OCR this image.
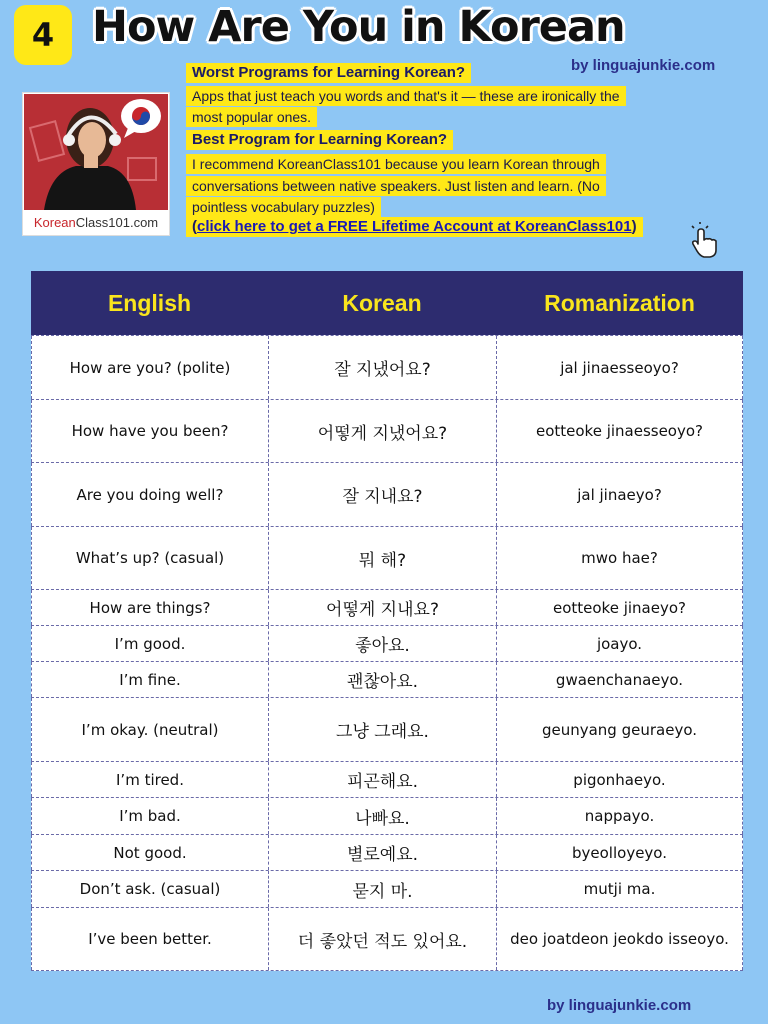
4 How Are You in Korean
by linguajunkie.com
KoreanClass101.com
Worst Programs for Learning Korean?
Apps that just teach you words and that's it — these are ironically the
most popular ones.
Best Program for Learning Korean?
I recommend KoreanClass101 because you learn Korean through
conversations between native speakers. Just listen and learn. (No
pointless vocabulary puzzles)
(click here to get a FREE Lifetime Account at KoreanClass101)
English	Korean	Romanization
How are you? (polite)	잘 지냈어요?	jal jinaesseoyo?
How have you been?	어떻게 지냈어요?	eotteoke jinaesseoyo?
Are you doing well?	잘 지내요?	jal jinaeyo?
What’s up? (casual)	뭐 해?	mwo hae?
How are things?	어떻게 지내요?	eotteoke jinaeyo?
I’m good.	좋아요.	joayo.
I’m fine.	괜찮아요.	gwaenchanaeyo.
I’m okay. (neutral)	그냥 그래요.	geunyang geuraeyo.
I’m tired.	피곤해요.	pigonhaeyo.
I’m bad.	나빠요.	nappayo.
Not good.	별로예요.	byeolloyeyo.
Don’t ask. (casual)	묻지 마.	mutji ma.
I’ve been better.	더 좋았던 적도 있어요.	deo joatdeon jeokdo isseoyo.
by linguajunkie.com
